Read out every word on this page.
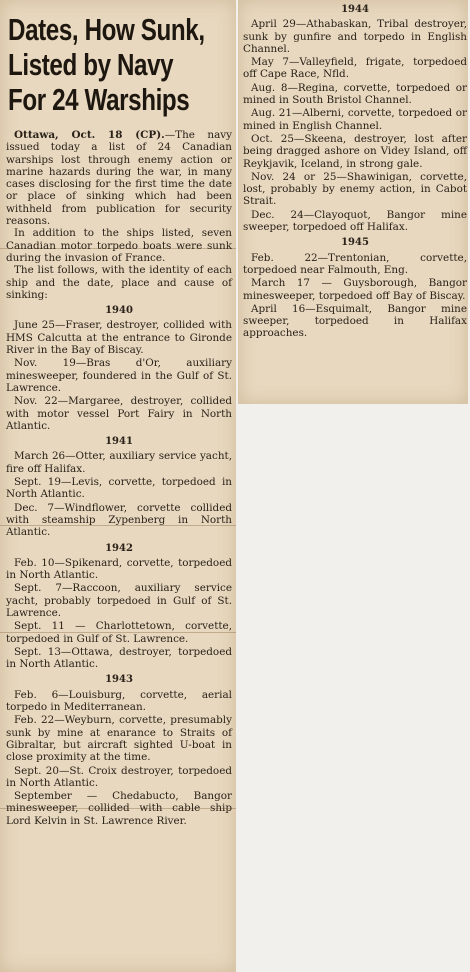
Dates, How Sunk,
Listed by Navy
For 24 Warships

Ottawa, Oct. 18 (CP).—The navy issued today a list of 24 Canadian warships lost through enemy action or marine hazards during the war, in many cases disclosing for the first time the date or place of sinking which had been withheld from publication for security reasons.

In addition to the ships listed, seven Canadian motor torpedo boats were sunk during the invasion of France.

The list follows, with the identity of each ship and the date, place and cause of sinking:

1940

June 25—Fraser, destroyer, collided with HMS Calcutta at the entrance to Gironde River in the Bay of Biscay.

Nov. 19—Bras d'Or, auxiliary minesweeper, foundered in the Gulf of St. Lawrence.

Nov. 22—Margaree, destroyer, collided with motor vessel Port Fairy in North Atlantic.

1941

March 26—Otter, auxiliary service yacht, fire off Halifax.

Sept. 19—Levis, corvette, torpedoed in North Atlantic.

Dec. 7—Windflower, corvette collided with steamship Zypenberg in North Atlantic.

1942

Feb. 10—Spikenard, corvette, torpedoed in North Atlantic.

Sept. 7—Raccoon, auxiliary service yacht, probably torpedoed in Gulf of St. Lawrence.

Sept. 11 — Charlottetown, corvette, torpedoed in Gulf of St. Lawrence.

Sept. 13—Ottawa, destroyer, torpedoed in North Atlantic.

1943

Feb. 6—Louisburg, corvette, aerial torpedo in Mediterranean.

Feb. 22—Weyburn, corvette, presumably sunk by mine at enarance to Straits of Gibraltar, but aircraft sighted U-boat in close proximity at the time.

Sept. 20—St. Croix destroyer, torpedoed in North Atlantic.

September — Chedabucto, Bangor minesweeper, collided with cable ship Lord Kelvin in St. Lawrence River.

1944

April 29—Athabaskan, Tribal destroyer, sunk by gunfire and torpedo in English Channel.

May 7—Valleyfield, frigate, torpedoed off Cape Race, Nfld.

Aug. 8—Regina, corvette, torpedoed or mined in South Bristol Channel.

Aug. 21—Alberni, corvette, torpedoed or mined in English Channel.

Oct. 25—Skeena, destroyer, lost after being dragged ashore on Videy Island, off Reykjavik, Iceland, in strong gale.

Nov. 24 or 25—Shawinigan, corvette, lost, probably by enemy action, in Cabot Strait.

Dec. 24—Clayoquot, Bangor mine sweeper, torpedoed off Halifax.

1945

Feb. 22—Trentonian, corvette, torpedoed near Falmouth, Eng.

March 17 — Guysborough, Bangor minesweeper, torpedoed off Bay of Biscay.

April 16—Esquimalt, Bangor mine sweeper, torpedoed in Halifax approaches.
